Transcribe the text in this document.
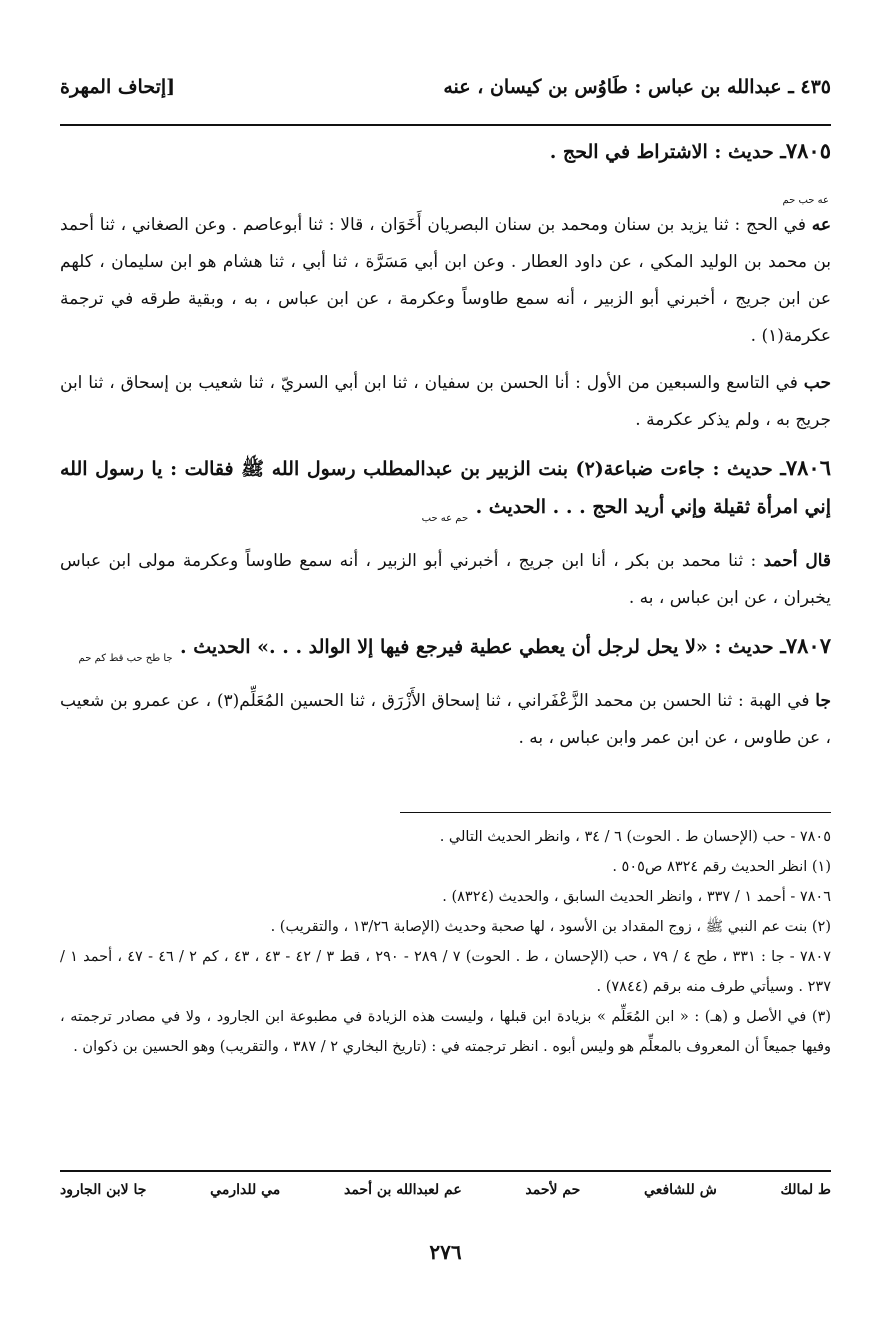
٤٣٥ ـ عبدالله بن عباس : طَاوُس بن كيسان ، عنه
[إتحاف المهرة

٧٨٠٥ـ حديث : الاشتراط في الحج .
$_{عه حب حم}$

عه في الحج : ثنا يزيد بن سنان ومحمد بن سنان البصريان أَخَوَان ، قالا : ثنا أبوعاصم . وعن الصغاني ، ثنا أحمد بن محمد بن الوليد المكي ، عن داود العطار . وعن ابن أبي مَسَرَّة ، ثنا أبي ، ثنا هشام هو ابن سليمان ، كلهم عن ابن جريج ، أخبرني أبو الزبير ، أنه سمع طاوساً وعكرمة ، عن ابن عباس ، به ، وبقية طرقه في ترجمة عكرمة(١) .

حب في التاسع والسبعين من الأول : أنا الحسن بن سفيان ، ثنا ابن أبي السريّ ، ثنا شعيب بن إسحاق ، ثنا ابن جريج به ، ولم يذكر عكرمة .

٧٨٠٦ـ حديث : جاءت ضباعة(٢) بنت الزبير بن عبدالمطلب رسول الله ﷺ فقالت : يا رسول الله إني امرأة ثقيلة وإني أريد الحج . . . الحديث . $_{حم عه حب}$

قال أحمد : ثنا محمد بن بكر ، أنا ابن جريج ، أخبرني أبو الزبير ، أنه سمع طاوساً وعكرمة مولى ابن عباس يخبران ، عن ابن عباس ، به .

٧٨٠٧ـ حديث : «لا يحل لرجل أن يعطي عطية فيرجع فيها إلا الوالد . . .» الحديث . $_{جا طح حب قط كم حم}$

جا في الهبة : ثنا الحسن بن محمد الزَّعْفَراني ، ثنا إسحاق الأَزْرَق ، ثنا الحسين المُعَلِّم(٣) ، عن عمرو بن شعيب ، عن طاوس ، عن ابن عمر وابن عباس ، به .

٧٨٠٥ - حب (الإحسان ط . الحوت) ٦ / ٣٤ ، وانظر الحديث التالي .

(١) انظر الحديث رقم ٨٣٢٤ ص٥٠٥ .

٧٨٠٦ - أحمد ١ / ٣٣٧ ، وانظر الحديث السابق ، والحديث (٨٣٢٤) .

(٢) بنت عم النبي ﷺ ، زوج المقداد بن الأسود ، لها صحبة وحديث (الإصابة ١٣/٢٦ ، والتقريب) .

٧٨٠٧ - جا : ٣٣١ ، طح ٤ / ٧٩ ، حب (الإحسان ، ط . الحوت) ٧ / ٢٨٩ - ٢٩٠ ، قط ٣ / ٤٢ - ٤٣ ، ٤٣ ، كم ٢ / ٤٦ - ٤٧ ، أحمد ١ / ٢٣٧ . وسيأتي طرف منه برقم (٧٨٤٤) .

(٣) في الأصل و (هـ) : « ابن المُعَلِّم » بزيادة ابن قبلها ، وليست هذه الزيادة في مطبوعة ابن الجارود ، ولا في مصادر ترجمته ، وفيها جميعاً أن المعروف بالمعلِّم هو وليس أبوه . انظر ترجمته في : (تاريخ البخاري ٢ / ٣٨٧ ، والتقريب) وهو الحسين بن ذكوان .

ط لمالك
ش للشافعي
حم لأحمد
عم لعبدالله بن أحمد
مي للدارمي
جا لابن الجارود
٢٧٦
